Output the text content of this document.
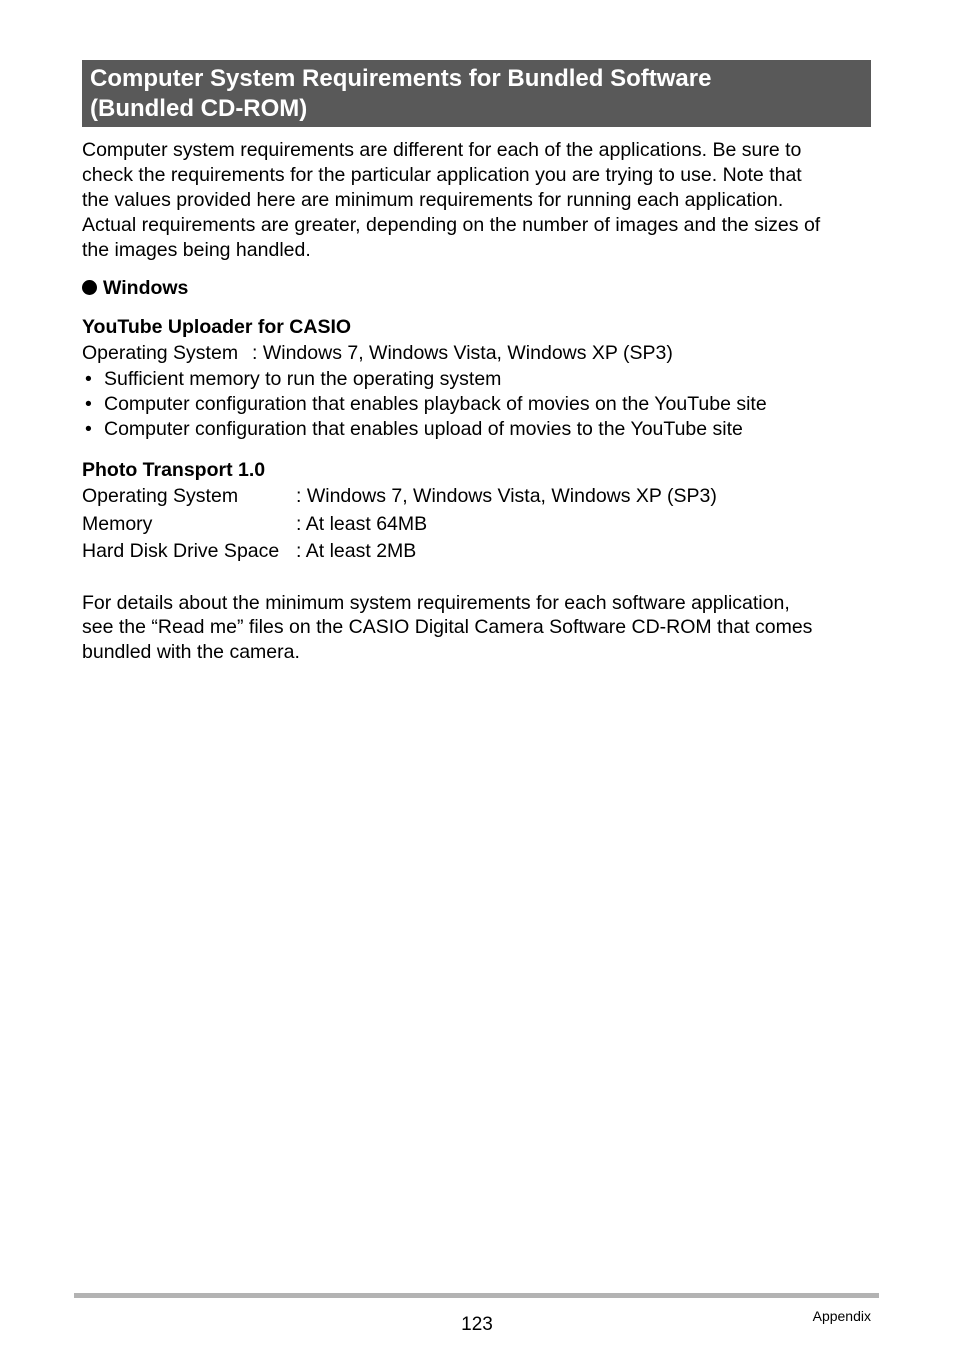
Computer System Requirements for Bundled Software
(Bundled CD-ROM)
Computer system requirements are different for each of the applications. Be sure to
check the requirements for the particular application you are trying to use. Note that
the values provided here are minimum requirements for running each application.
Actual requirements are greater, depending on the number of images and the sizes of
the images being handled.
Windows
YouTube Uploader for CASIO
Operating System : Windows 7, Windows Vista, Windows XP (SP3)
• Sufficient memory to run the operating system
• Computer configuration that enables playback of movies on the YouTube site
• Computer configuration that enables upload of movies to the YouTube site
Photo Transport 1.0
Operating System	: Windows 7, Windows Vista, Windows XP (SP3)
Memory	: At least 64MB
Hard Disk Drive Space : At least 2MB
For details about the minimum system requirements for each software application,
see the “Read me” files on the CASIO Digital Camera Software CD-ROM that comes
bundled with the camera.
123	Appendix
